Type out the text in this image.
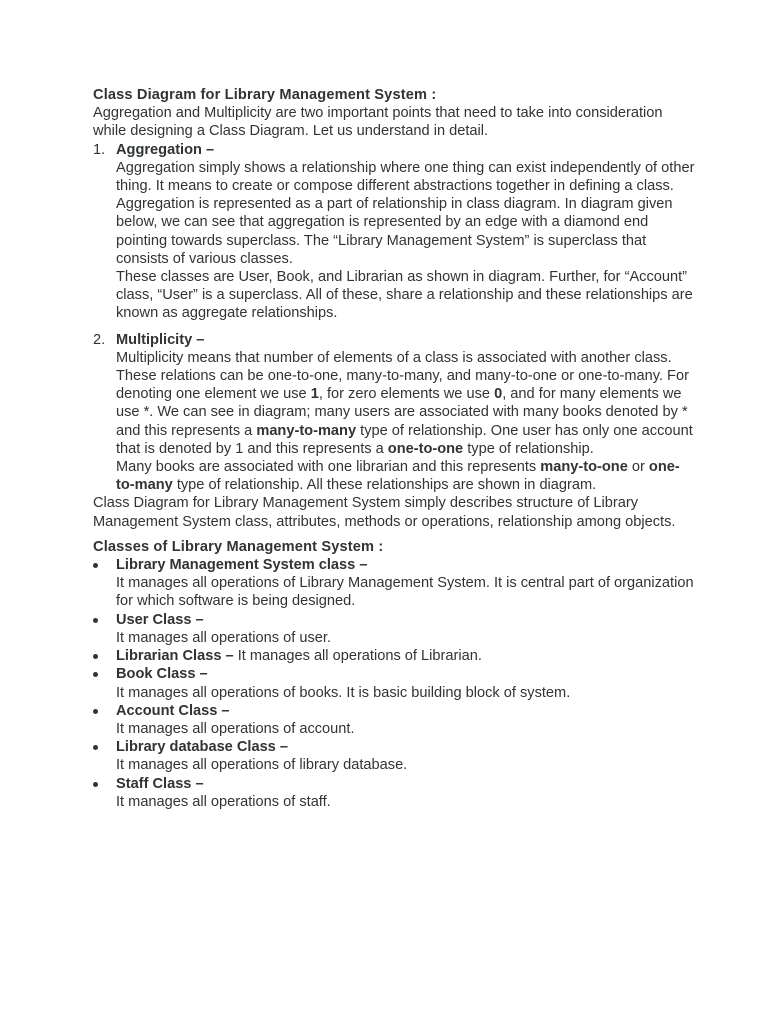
Class Diagram for Library Management System :

Aggregation and Multiplicity are two important points that need to take into consideration while designing a Class Diagram. Let us understand in detail.

1. Aggregation –

Aggregation simply shows a relationship where one thing can exist independently of other thing. It means to create or compose different abstractions together in defining a class. Aggregation is represented as a part of relationship in class diagram. In diagram given below, we can see that aggregation is represented by an edge with a diamond end pointing towards superclass. The “Library Management System” is superclass that consists of various classes.

These classes are User, Book, and Librarian as shown in diagram. Further, for “Account” class, “User” is a superclass. All of these, share a relationship and these relationships are known as aggregate relationships.

2. Multiplicity –

Multiplicity means that number of elements of a class is associated with another class. These relations can be one-to-one, many-to-many, and many-to-one or one-to-many. For denoting one element we use 1, for zero elements we use 0, and for many elements we use *. We can see in diagram; many users are associated with many books denoted by * and this represents a many-to-many type of relationship. One user has only one account that is denoted by 1 and this represents a one-to-one type of relationship.

Many books are associated with one librarian and this represents many-to-one or one-to-many type of relationship. All these relationships are shown in diagram.

Class Diagram for Library Management System simply describes structure of Library Management System class, attributes, methods or operations, relationship among objects.

Classes of Library Management System :

Library Management System class –

It manages all operations of Library Management System. It is central part of organization for which software is being designed.

User Class –

It manages all operations of user.

Librarian Class – It manages all operations of Librarian.

Book Class –

It manages all operations of books. It is basic building block of system.

Account Class –

It manages all operations of account.

Library database Class –

It manages all operations of library database.

Staff Class –

It manages all operations of staff.
